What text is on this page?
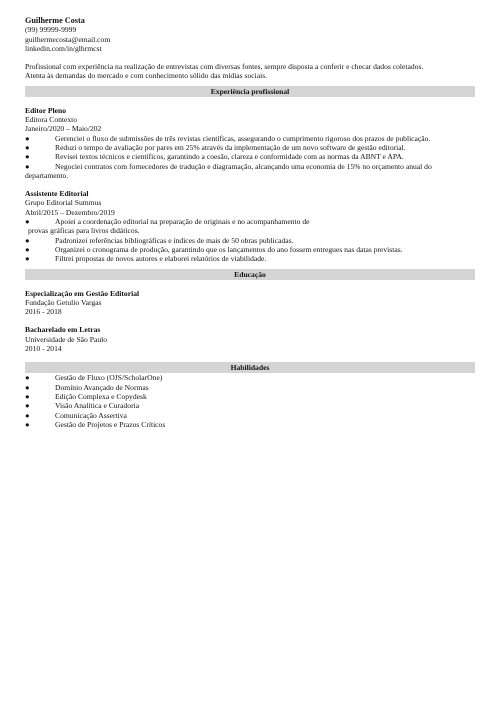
Guilherme Costa
(99) 99999-9999
guilhermecosta@email.com
linkedin.com/in/glhrmcst
Profissional com experiência na realização de entrevistas com diversas fontes, sempre disposta a conferir e checar dados coletados.
Atenta às demandas do mercado e com conhecimento sólido das mídias sociais.
Experiência profissional
Editor Pleno
Editora Contexto
Janeiro/2020 – Maio/202
●	Gerenciei o fluxo de submissões de três revistas científicas, assegurando o cumprimento rigoroso dos prazos de publicação.
●	Reduzi o tempo de avaliação por pares em 25% através da implementação de um novo software de gestão editorial.
●	Revisei textos técnicos e científicos, garantindo a coesão, clareza e conformidade com as normas da ABNT e APA.
●	Negociei contratos com fornecedores de tradução e diagramação, alcançando uma economia de 15% no orçamento anual do
departamento.
Assistente Editorial
Grupo Editorial Summus
Abril/2015 – Dezembro/2019
●	Apoiei a coordenação editorial na preparação de originais e no acompanhamento de
provas gráficas para livros didáticos.
●	Padronizei referências bibliográficas e índices de mais de 50 obras publicadas.
●	Organizei o cronograma de produção, garantindo que os lançamentos do ano fossem entregues nas datas previstas.
●	Filtrei propostas de novos autores e elaborei relatórios de viabilidade.
Educação
Especialização em Gestão Editorial
Fundação Getulio Vargas
2016 - 2018
Bacharelado em Letras
Universidade de São Paulo
2010 - 2014
Habilidades
●	Gestão de Fluxo (OJS/ScholarOne)
●	Domínio Avançado de Normas
●	Edição Complexa e Copydesk
●	Visão Analítica e Curadoria
●	Comunicação Assertiva
●	Gestão de Projetos e Prazos Críticos
